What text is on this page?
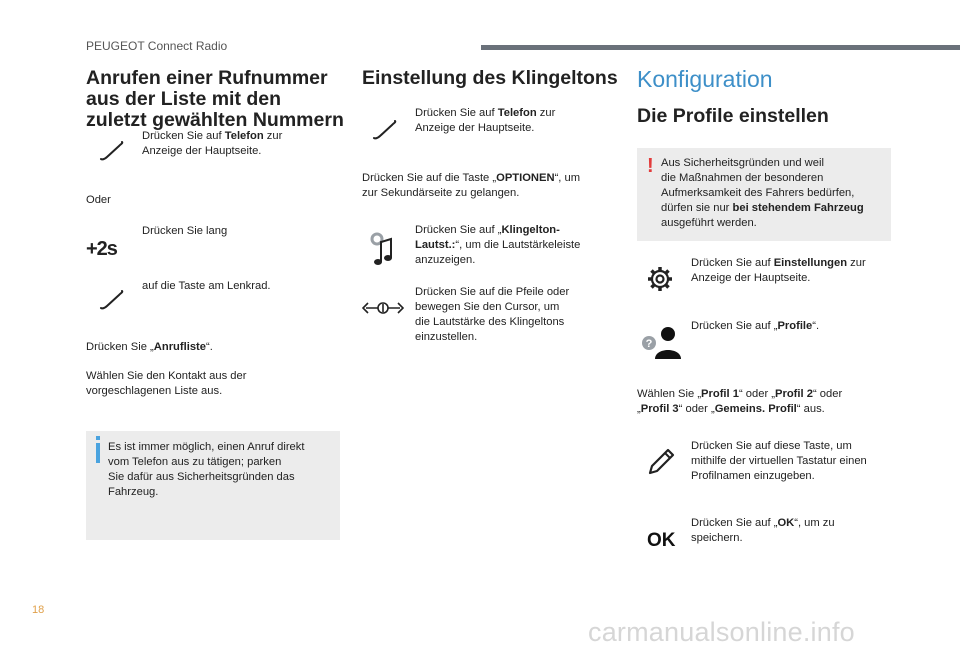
PEUGEOT Connect Radio
Anrufen einer Rufnummer
aus der Liste mit den
zuletzt gewählten Nummern
Drücken Sie auf Telefon zur
Anzeige der Hauptseite.
Oder
Drücken Sie lang
+2s
auf die Taste am Lenkrad.
Drücken Sie „Anrufliste“.
Wählen Sie den Kontakt aus der
vorgeschlagenen Liste aus.
Es ist immer möglich, einen Anruf direkt
vom Telefon aus zu tätigen; parken
Sie dafür aus Sicherheitsgründen das
Fahrzeug.
Einstellung des Klingeltons
Drücken Sie auf Telefon zur
Anzeige der Hauptseite.
Drücken Sie auf die Taste „OPTIONEN“, um
zur Sekundärseite zu gelangen.
Drücken Sie auf „Klingelton-
Lautst.:“, um die Lautstärkeleiste
anzuzeigen.
Drücken Sie auf die Pfeile oder
bewegen Sie den Cursor, um
die Lautstärke des Klingeltons
einzustellen.
Konfiguration
Die Profile einstellen
! Aus Sicherheitsgründen und weil
die Maßnahmen der besonderen
Aufmerksamkeit des Fahrers bedürfen,
dürfen sie nur bei stehendem Fahrzeug
ausgeführt werden.
Drücken Sie auf Einstellungen zur
Anzeige der Hauptseite.
?
Drücken Sie auf „Profile“.
Wählen Sie „Profil 1“ oder „Profil 2“ oder
„Profil 3“ oder „Gemeins. Profil“ aus.
Drücken Sie auf diese Taste, um
mithilfe der virtuellen Tastatur einen
Profilnamen einzugeben.
OK
Drücken Sie auf „OK“, um zu
speichern.
18
carmanualsonline.info
